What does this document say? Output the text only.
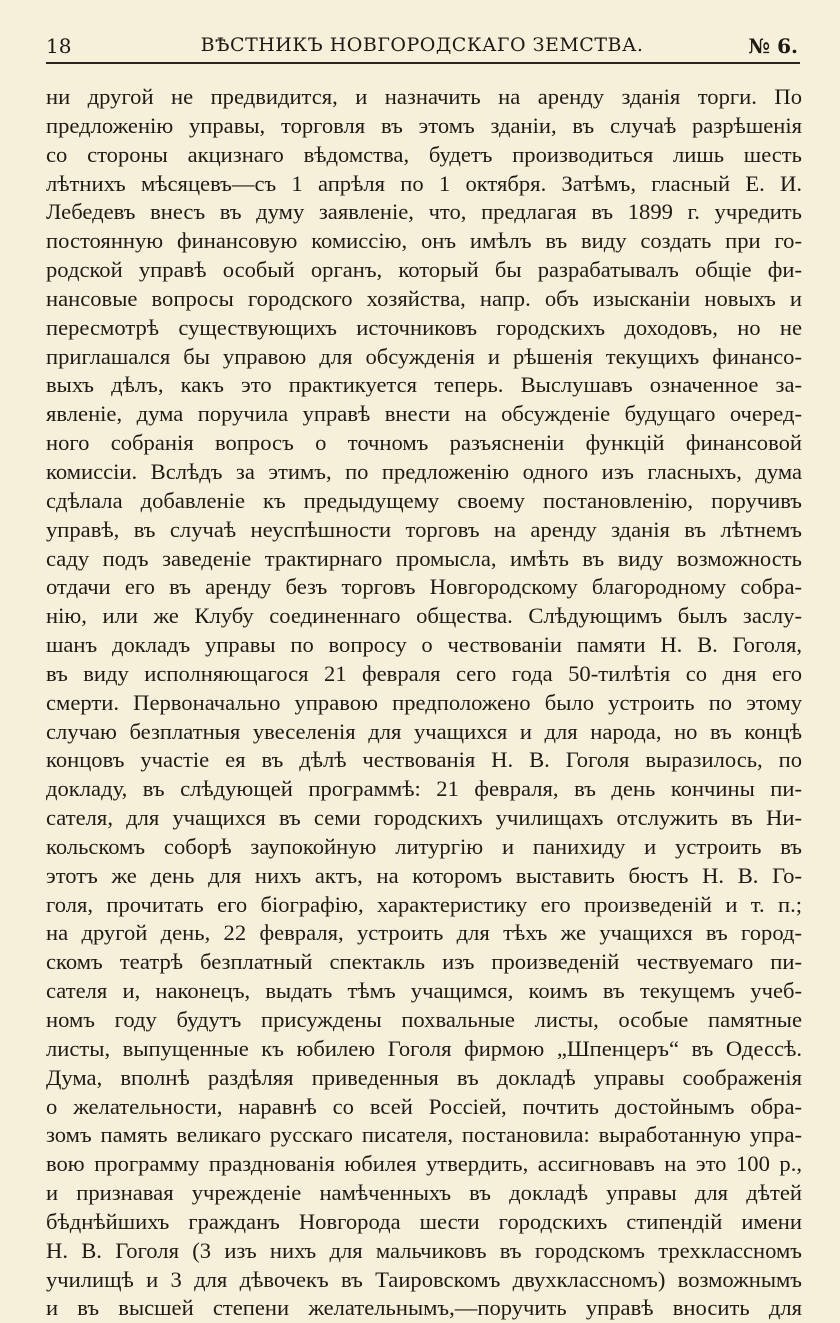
18	ВѢСТНИКЪ НОВГОРОДСКАГО ЗЕМСТВА.	№ 6.
ни другой не предвидится, и назначить на аренду зданія торги. По
предложенію управы, торговля въ этомъ зданіи, въ случаѣ разрѣшенія
со стороны акцизнаго вѣдомства, будетъ производиться лишь шесть
лѣтнихъ мѣсяцевъ—съ 1 апрѣля по 1 октября. Затѣмъ, гласный Е. И.
Лебедевъ внесъ въ думу заявленіе, что, предлагая въ 1899 г. учредить
постоянную финансовую комиссію, онъ имѣлъ въ виду создать при го-
родской управѣ особый органъ, который бы разрабатывалъ общіе фи-
нансовые вопросы городского хозяйства, напр. объ изысканіи новыхъ и
пересмотрѣ существующихъ источниковъ городскихъ доходовъ, но не
приглашался бы управою для обсужденія и рѣшенія текущихъ финансо-
выхъ дѣлъ, какъ это практикуется теперь. Выслушавъ означенное за-
явленіе, дума поручила управѣ внести на обсужденіе будущаго очеред-
ного собранія вопросъ о точномъ разъясненіи функцій финансовой
комиссіи. Вслѣдъ за этимъ, по предложенію одного изъ гласныхъ, дума
сдѣлала добавленіе къ предыдущему своему постановленію, поручивъ
управѣ, въ случаѣ неуспѣшности торговъ на аренду зданія въ лѣтнемъ
саду подъ заведеніе трактирнаго промысла, имѣть въ виду возможность
отдачи его въ аренду безъ торговъ Новгородскому благородному собра-
нію, или же Клубу соединеннаго общества. Слѣдующимъ былъ заслу-
шанъ докладъ управы по вопросу о чествованіи памяти Н. В. Гоголя,
въ виду исполняющагося 21 февраля сего года 50-тилѣтія со дня его
смерти. Первоначально управою предположено было устроить по этому
случаю безплатныя увеселенія для учащихся и для народа, но въ концѣ
концовъ участіе ея въ дѣлѣ чествованія Н. В. Гоголя выразилось, по
докладу, въ слѣдующей программѣ: 21 февраля, въ день кончины пи-
сателя, для учащихся въ семи городскихъ училищахъ отслужить въ Ни-
кольскомъ соборѣ заупокойную литургію и панихиду и устроить въ
этотъ же день для нихъ актъ, на которомъ выставить бюстъ Н. В. Го-
голя, прочитать его біографію, характеристику его произведеній и т. п.;
на другой день, 22 февраля, устроить для тѣхъ же учащихся въ город-
скомъ театрѣ безплатный спектакль изъ произведеній чествуемаго пи-
сателя и, наконецъ, выдать тѣмъ учащимся, коимъ въ текущемъ учеб-
номъ году будутъ присуждены похвальные листы, особые памятные
листы, выпущенные къ юбилею Гоголя фирмою „Шпенцеръ“ въ Одессѣ.
Дума, вполнѣ раздѣляя приведенныя въ докладѣ управы соображенія
о желательности, наравнѣ со всей Россіей, почтить достойнымъ обра-
зомъ память великаго русскаго писателя, постановила: выработанную упра-
вою программу празднованія юбилея утвердить, ассигновавъ на это 100 р.,
и признавая учрежденіе намѣченныхъ въ докладѣ управы для дѣтей
бѣднѣйшихъ гражданъ Новгорода шести городскихъ стипендій имени
Н. В. Гоголя (3 изъ нихъ для мальчиковъ въ городскомъ трехклассномъ
училищѣ и 3 для дѣвочекъ въ Таировскомъ двухклассномъ) возможнымъ
и въ высшей степени желательнымъ,—поручить управѣ вносить для
